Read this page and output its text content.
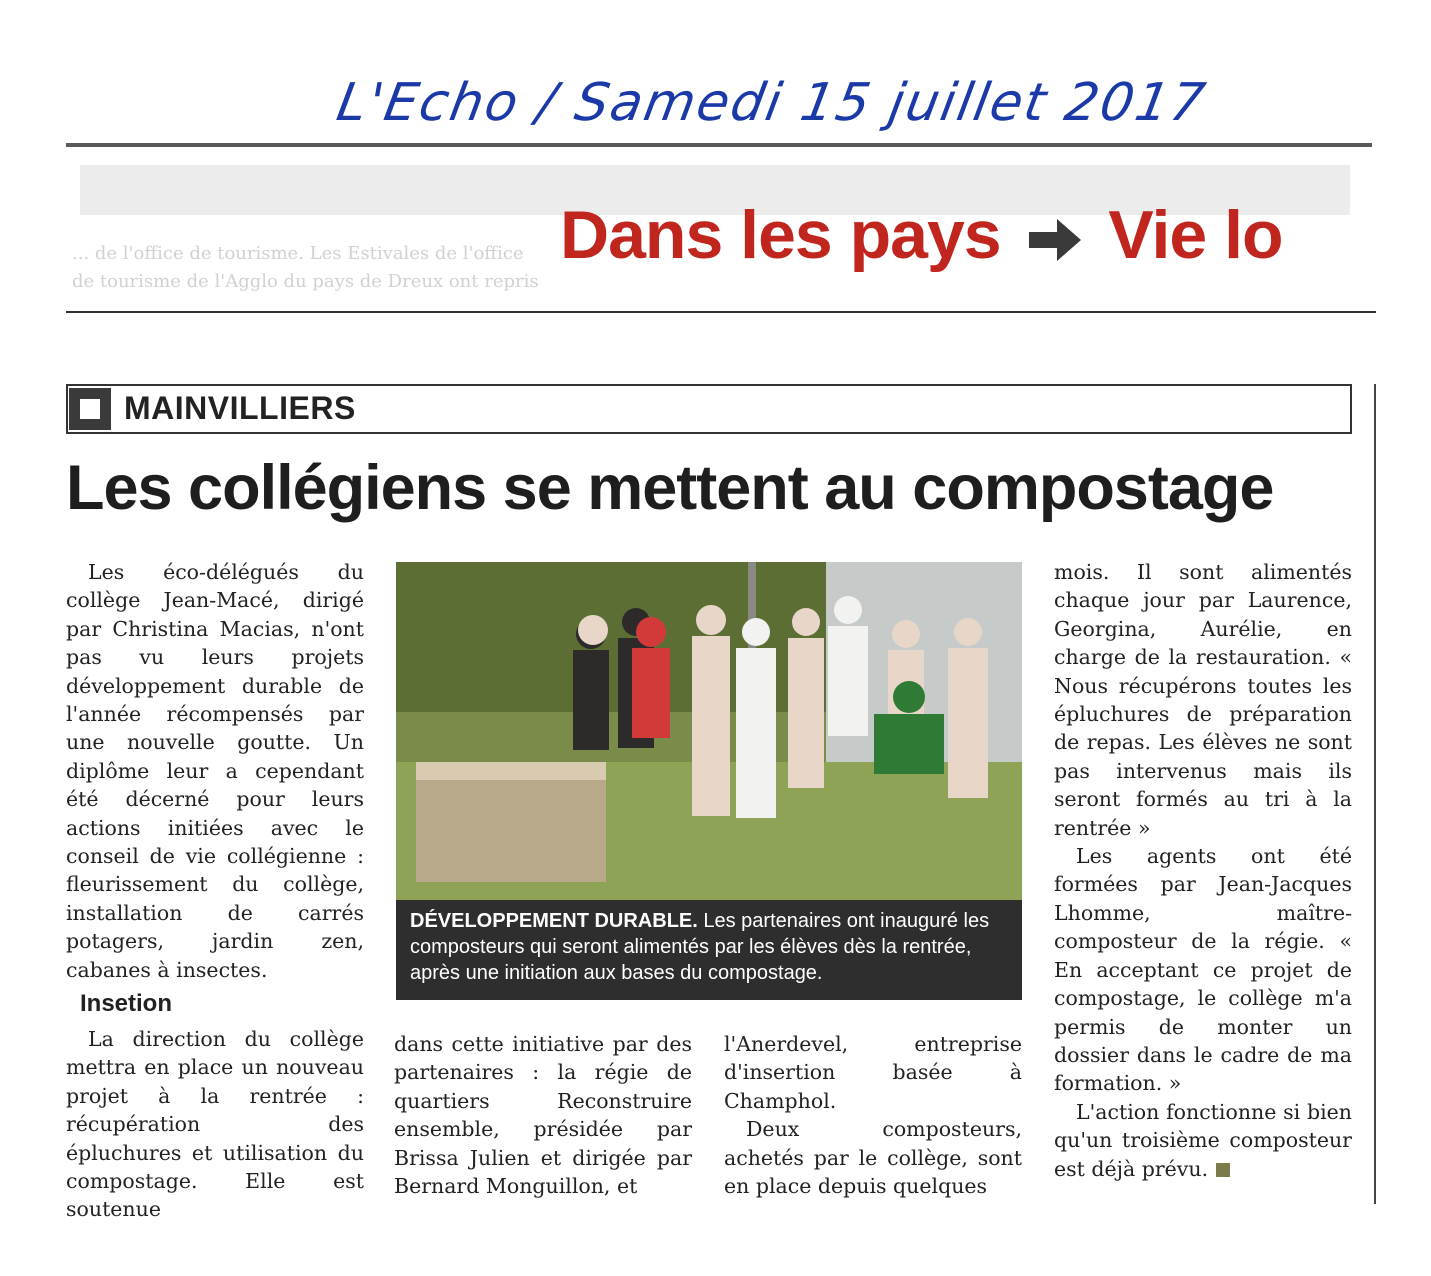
L'Echo / Samedi 15 juillet 2017
... de l'office de tourisme. Les Estivales de l'office
de tourisme de l'Agglo du pays de Dreux ont repris
Dans les pays Vie lo
MAINVILLIERS
Les collégiens se mettent au compostage

Les éco-délégués du collège Jean-Macé, dirigé par Christina Macias, n'ont pas vu leurs projets développement durable de l'année récompensés par une nouvelle goutte. Un diplôme leur a cependant été décerné pour leurs actions initiées avec le conseil de vie collégienne : fleurissement du collège, installation de carrés potagers, jardin zen, cabanes à insectes.

Insetion

La direction du collège mettra en place un nouveau projet à la rentrée : récupération des épluchures et utilisation du compostage. Elle est soutenue

DÉVELOPPEMENT DURABLE. Les partenaires ont inauguré les composteurs qui seront alimentés par les élèves dès la rentrée, après une initiation aux bases du compostage.

dans cette initiative par des partenaires : la régie de quartiers Reconstruire ensemble, présidée par Brissa Julien et dirigée par Bernard Monguillon, et

l'Anerdevel, entreprise d'insertion basée à Champhol.

Deux composteurs, achetés par le collège, sont en place depuis quelques

mois. Il sont alimentés chaque jour par Laurence, Georgina, Aurélie, en charge de la restauration. « Nous récupérons toutes les épluchures de préparation de repas. Les élèves ne sont pas intervenus mais ils seront formés au tri à la rentrée »

Les agents ont été formées par Jean-Jacques Lhomme, maître-composteur de la régie. « En acceptant ce projet de compostage, le collège m'a permis de monter un dossier dans le cadre de ma formation. »

L'action fonctionne si bien qu'un troisième composteur est déjà prévu.
